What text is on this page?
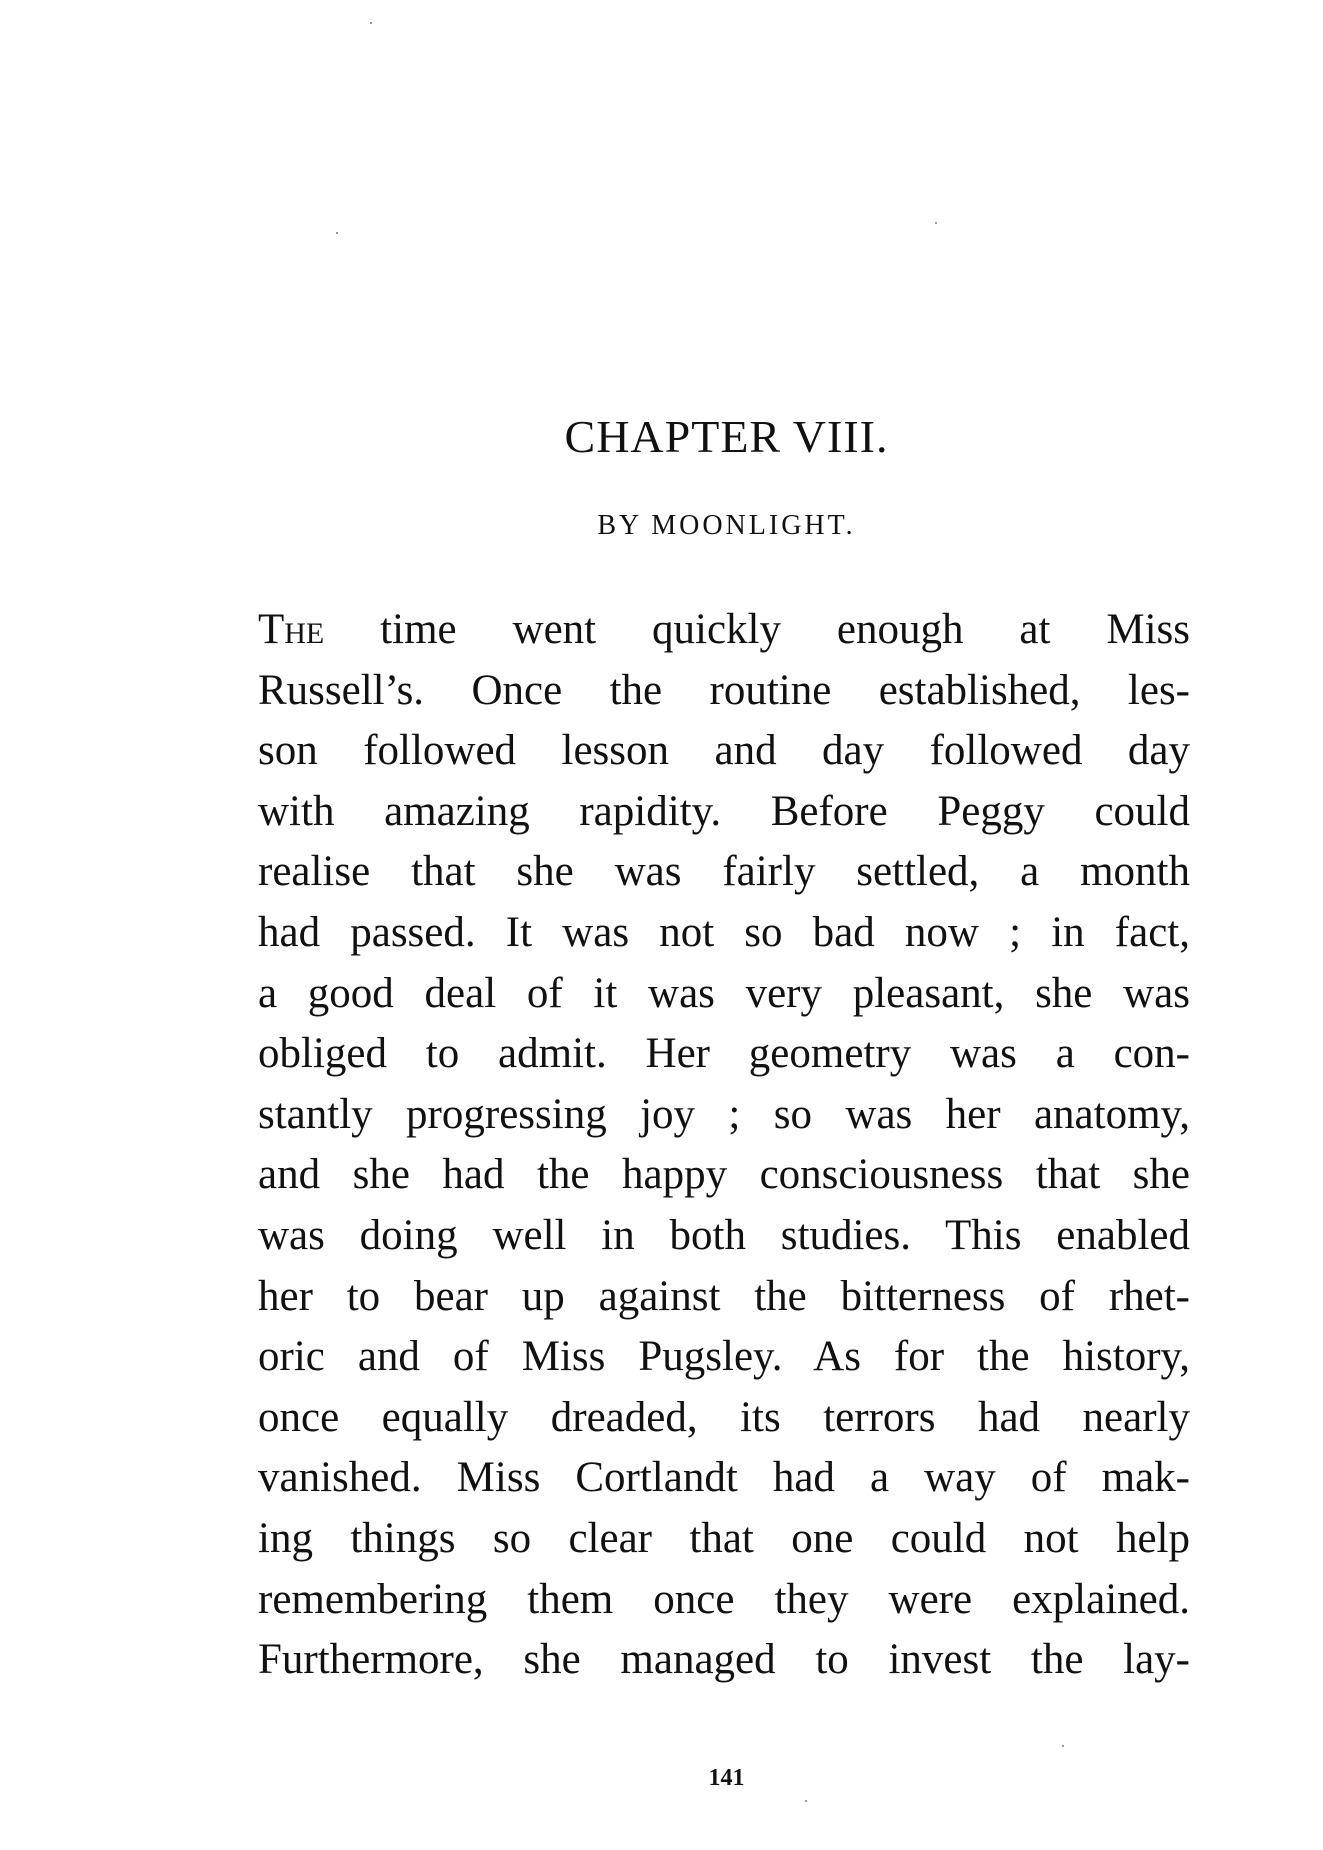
CHAPTER VIII.
BY MOONLIGHT.
The time went quickly enough at Miss
Russell’s. Once the routine established, les-
son followed lesson and day followed day
with amazing rapidity. Before Peggy could
realise that she was fairly settled, a month
had passed. It was not so bad now ; in fact,
a good deal of it was very pleasant, she was
obliged to admit. Her geometry was a con-
stantly progressing joy ; so was her anatomy,
and she had the happy consciousness that she
was doing well in both studies. This enabled
her to bear up against the bitterness of rhet-
oric and of Miss Pugsley. As for the history,
once equally dreaded, its terrors had nearly
vanished. Miss Cortlandt had a way of mak-
ing things so clear that one could not help
remembering them once they were explained.
Furthermore, she managed to invest the lay-
141
